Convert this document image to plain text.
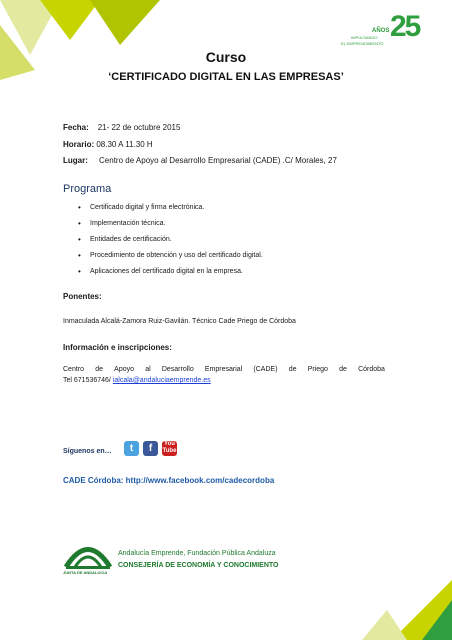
25
AÑOS
IMPULSANDO
EL EMPRENDIMIENTO
Curso
‘CERTIFICADO DIGITAL EN LAS EMPRESAS’
Fecha: 21- 22 de octubre 2015
Horario: 08.30 A 11.30 H
Lugar: Centro de Apoyo al Desarrollo Empresarial (CADE) .C/ Morales, 27
Programa
• Certificado digital y firma electrónica.
• Implementación técnica.
• Entidades de certificación.
• Procedimiento de obtención y uso del certificado digital.
• Aplicaciones del certificado digital en la empresa.
Ponentes:
Inmaculada Alcalá-Zamora Ruiz-Gavilán. Técnico Cade Priego de Córdoba
Información e inscripciones:
Centro de Apoyo al Desarrollo Empresarial (CADE) de Priego de Córdoba
Tel 671536746/ ialcala@andaluciaemprende.es
Síguenos en…	t	f	You Tube
CADE Córdoba: http://www.facebook.com/cadecordoba
JUNTA DE ANDALUCIA
Andalucía Emprende, Fundación Pública Andaluza
CONSEJERÍA DE ECONOMÍA Y CONOCIMIENTO
